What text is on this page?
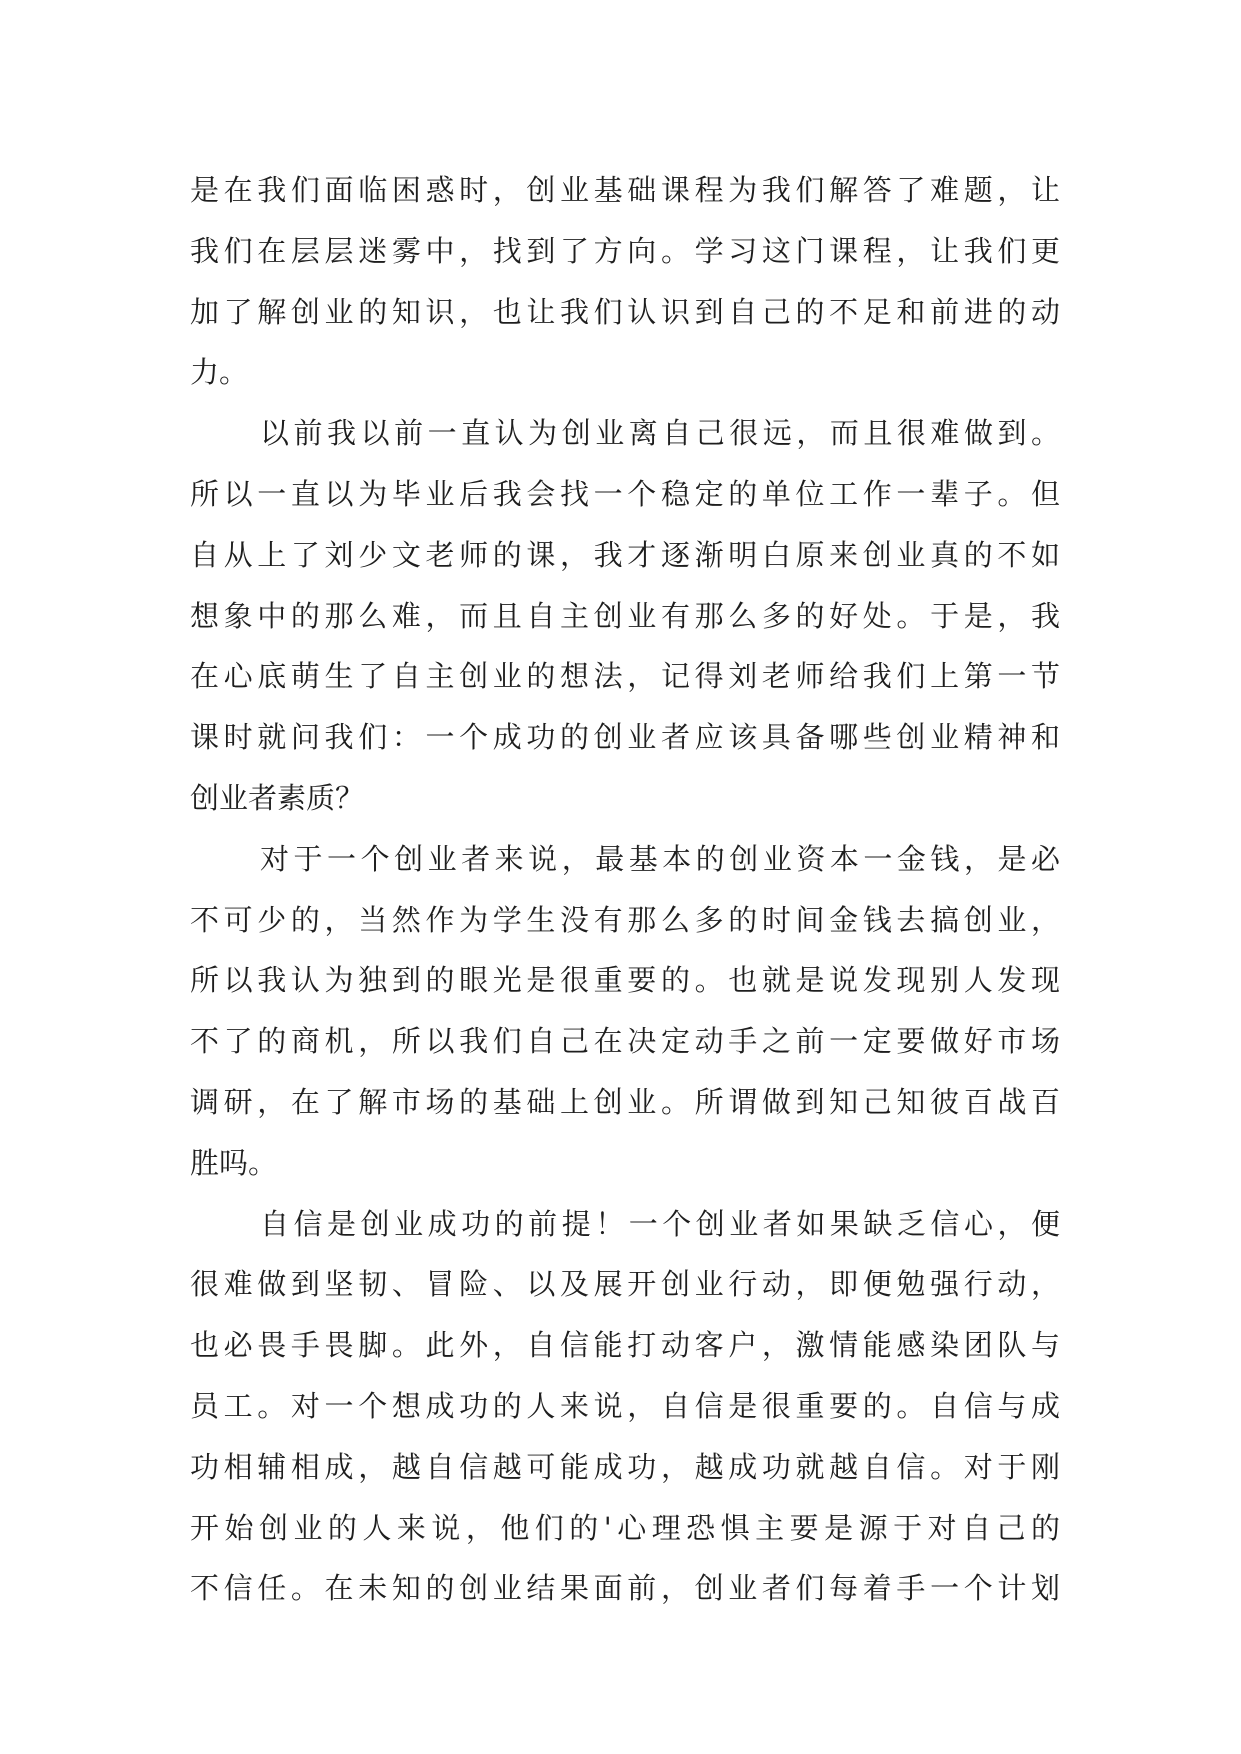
是在我们面临困惑时，创业基础课程为我们解答了难题，让
我们在层层迷雾中，找到了方向。学习这门课程，让我们更
加了解创业的知识，也让我们认识到自己的不足和前进的动
力。
以前我以前一直认为创业离自己很远，而且很难做到。
所以一直以为毕业后我会找一个稳定的单位工作一辈子。但
自从上了刘少文老师的课，我才逐渐明白原来创业真的不如
想象中的那么难，而且自主创业有那么多的好处。于是，我
在心底萌生了自主创业的想法，记得刘老师给我们上第一节
课时就问我们：一个成功的创业者应该具备哪些创业精神和
创业者素质？
对于一个创业者来说，最基本的创业资本一金钱，是必
不可少的，当然作为学生没有那么多的时间金钱去搞创业，
所以我认为独到的眼光是很重要的。也就是说发现别人发现
不了的商机，所以我们自己在决定动手之前一定要做好市场
调研，在了解市场的基础上创业。所谓做到知己知彼百战百
胜吗。
自信是创业成功的前提！一个创业者如果缺乏信心，便
很难做到坚韧、冒险、以及展开创业行动，即便勉强行动，
也必畏手畏脚。此外，自信能打动客户，激情能感染团队与
员工。对一个想成功的人来说，自信是很重要的。自信与成
功相辅相成，越自信越可能成功，越成功就越自信。对于刚
开始创业的人来说，他们的'心理恐惧主要是源于对自己的
不信任。在未知的创业结果面前，创业者们每着手一个计划
